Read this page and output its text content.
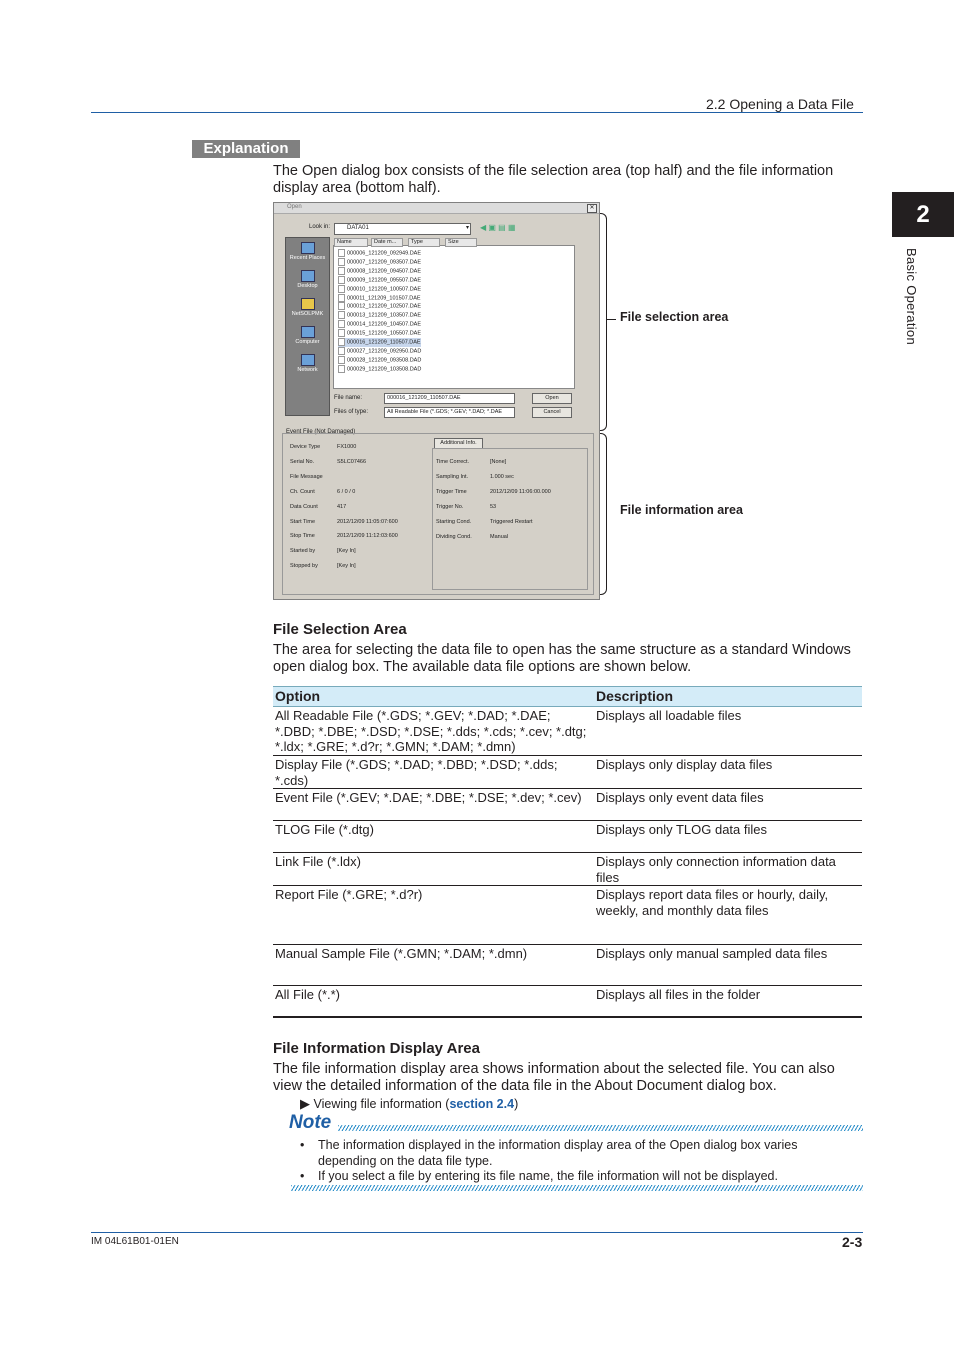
2.2 Opening a Data File
2
Basic Operation
Explanation
The Open dialog box consists of the file selection area (top half) and the file information display area (bottom half).
Open	✕
Look in:	DATA01	▾ ◀ ▣ ▤ ▦
Recent Places
Desktop
NetSOLPMK
Computer
Network
Name	Date m...	Type	Size
000006_121209_092949.DAE
000007_121209_093507.DAE
000008_121209_094507.DAE
000009_121209_095507.DAE
000010_121209_100507.DAE
000011_121209_101507.DAE
000012_121209_102507.DAE
000013_121209_103507.DAE
000014_121209_104507.DAE
000015_121209_105507.DAE
000016_121209_110507.DAE
000027_121209_092950.DAD
000028_121209_093508.DAD
000029_121209_103508.DAD
File name:	000016_121209_110507.DAE
Files of type:	All Readable File (*.GDS; *.GEV; *.DAD; *.DAE
Open
Cancel
Event File (Not Damaged)
Device Type	FX1000
Serial No.	S5LC07466
File Message
Ch. Count	6 / 0 / 0
Data Count	417
Start Time	2012/12/09 11:05:07:600
Stop Time	2012/12/09 11:12:03:600
Started by	[Key In]
Stopped by	[Key In]
Additional Info.
Time Correct.	[None]
Sampling Int.	1.000 sec
Trigger Time	2012/12/09 11:06:00.000
Trigger No.	53
Starting Cond.	Triggered Restart
Dividing Cond.	Manual
File selection area
File information area
File Selection Area
The area for selecting the data file to open has the same structure as a standard Windows open dialog box. The available data file options are shown below.
Option	Description
All Readable File (*.GDS; *.GEV; *.DAD; *.DAE; *.DBD; *.DBE; *.DSD; *.DSE; *.dds; *.cds; *.cev; *.dtg; *.ldx; *.GRE; *.d?r; *.GMN; *.DAM; *.dmn)	Displays all loadable files
Display File (*.GDS; *.DAD; *.DBD; *.DSD; *.dds; *.cds)	Displays only display data files
Event File (*.GEV; *.DAE; *.DBE; *.DSE; *.dev; *.cev)	Displays only event data files
TLOG File (*.dtg)	Displays only TLOG data files
Link File (*.ldx)	Displays only connection information data files
Report File (*.GRE; *.d?r)	Displays report data files or hourly, daily, weekly, and monthly data files
Manual Sample File (*.GMN; *.DAM; *.dmn)	Displays only manual sampled data files
All File (*.*)	Displays all files in the folder
File Information Display Area
The file information display area shows information about the selected file. You can also view the detailed information of the data file in the About Document dialog box.
▶ Viewing file information (section 2.4)
Note
•	The information displayed in the information display area of the Open dialog box varies depending on the data file type.
•	If you select a file by entering its file name, the file information will not be displayed.
IM 04L61B01-01EN	2-3
